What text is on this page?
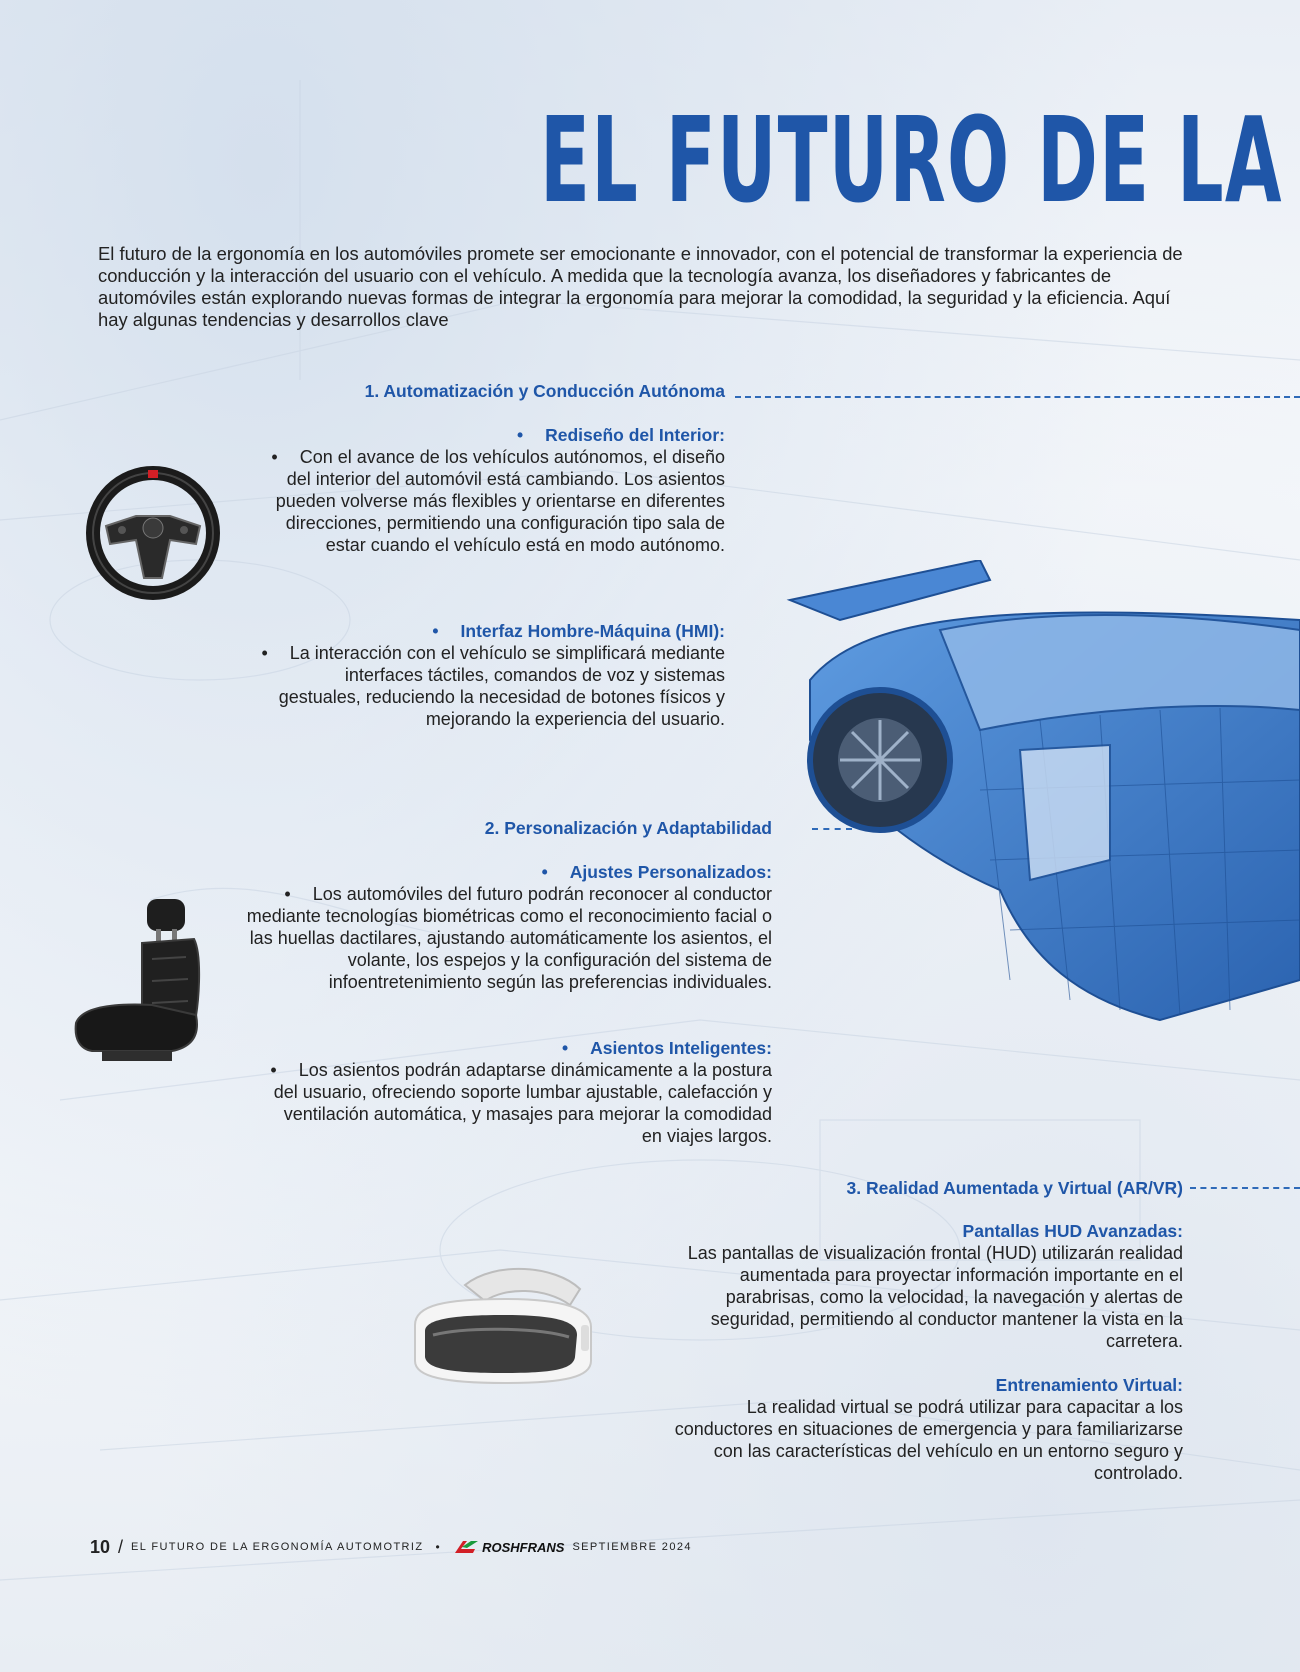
EL FUTURO DE LA
El futuro de la ergonomía en los automóviles promete ser emocionante e innovador, con el potencial de transformar la experiencia de conducción y la interacción del usuario con el vehículo. A medida que la tecnología avanza, los diseñadores y fabricantes de automóviles están explorando nuevas formas de integrar la ergonomía para mejorar la comodidad, la seguridad y la eficiencia. Aquí hay algunas tendencias y desarrollos clave
1. Automatización y Conducción Autónoma
• Rediseño del Interior:
• Con el avance de los vehículos autónomos, el diseño del interior del automóvil está cambiando. Los asientos pueden volverse más flexibles y orientarse en diferentes direcciones, permitiendo una configuración tipo sala de estar cuando el vehículo está en modo autónomo.
• Interfaz Hombre-Máquina (HMI):
• La interacción con el vehículo se simplificará mediante interfaces táctiles, comandos de voz y sistemas gestuales, reduciendo la necesidad de botones físicos y mejorando la experiencia del usuario.
2. Personalización y Adaptabilidad
• Ajustes Personalizados:
• Los automóviles del futuro podrán reconocer al conductor mediante tecnologías biométricas como el reconocimiento facial o las huellas dactilares, ajustando automáticamente los asientos, el volante, los espejos y la configuración del sistema de infoentretenimiento según las preferencias individuales.
• Asientos Inteligentes:
• Los asientos podrán adaptarse dinámicamente a la postura del usuario, ofreciendo soporte lumbar ajustable, calefacción y ventilación automática, y masajes para mejorar la comodidad en viajes largos.
3. Realidad Aumentada y Virtual (AR/VR)
Pantallas HUD Avanzadas:
Las pantallas de visualización frontal (HUD) utilizarán realidad aumentada para proyectar información importante en el parabrisas, como la velocidad, la navegación y alertas de seguridad, permitiendo al conductor mantener la vista en la carretera.
Entrenamiento Virtual:
La realidad virtual se podrá utilizar para capacitar a los conductores en situaciones de emergencia y para familiarizarse con las características del vehículo en un entorno seguro y controlado.
10 / EL FUTURO DE LA ERGONOMÍA AUTOMOTRIZ •	ROSHFRANS SEPTIEMBRE 2024
